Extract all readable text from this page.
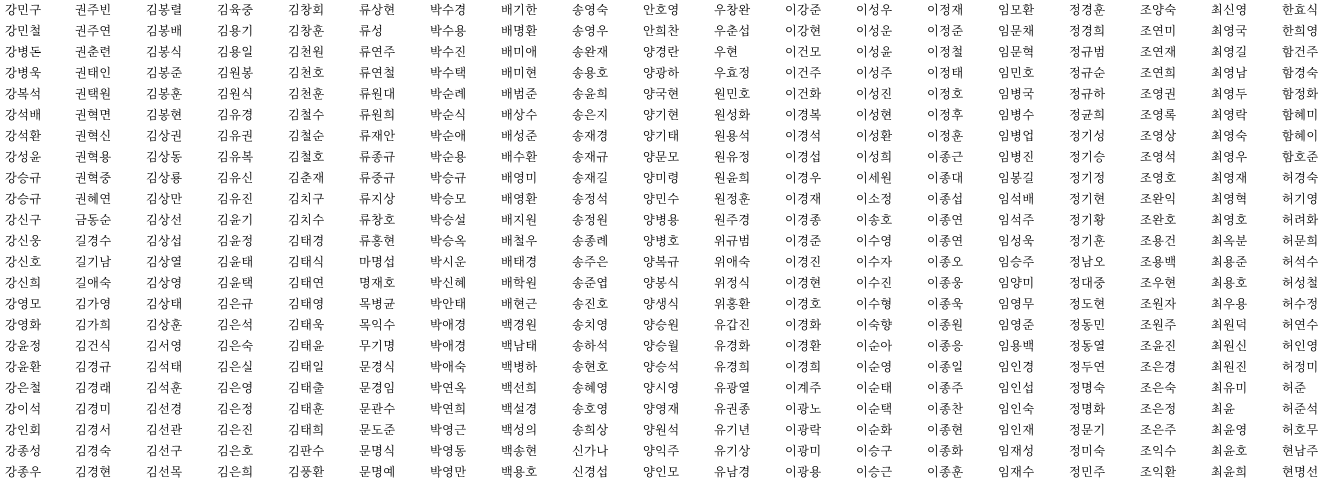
강민구	권주빈	김봉렬	김육중	김창회	류상현	박수경	배기한	송영숙	안호영	우창완	이강준	이성우	이정재	임모환	정경훈	조양숙	최신영	한효식
강민철	권주연	김봉배	김용기	김창훈	류성	박수용	배명환	송영우	안희찬	우춘섭	이강현	이성운	이정준	임문채	정경희	조연미	최영국	한희영
강병돈	권춘련	김봉식	김용일	김천원	류연주	박수진	배미애	송완재	양경란	우현	이건모	이성윤	이정철	임문혁	정규범	조연재	최영길	함건주
강병욱	권태인	김봉준	김원봉	김천호	류연철	박수택	배미현	송용호	양광하	우효정	이건주	이성주	이정태	임민호	정규순	조연희	최영남	함경숙
강복석	권택원	김봉훈	김원식	김천훈	류원대	박순례	배범준	송윤희	양국현	원민호	이건화	이성진	이정호	임병국	정규하	조영권	최영두	함정화
강석배	권혁면	김봉현	김유경	김철수	류원희	박순식	배상수	송은지	양기현	원성화	이경복	이성현	이정후	임병수	정균희	조영록	최영락	함혜미
강석환	권혁신	김상권	김유권	김철순	류재안	박순애	배성준	송재경	양기태	원용석	이경석	이성환	이정훈	임병업	정기성	조영상	최영숙	함혜이
강성윤	권혁용	김상동	김유복	김철호	류종규	박순용	배수환	송재규	양문모	원유정	이경섭	이성희	이종근	임병진	정기승	조영석	최영우	함호준
강승규	권혁중	김상룡	김유신	김춘재	류중규	박승규	배영미	송재길	양미령	원윤희	이경우	이세원	이종대	임봉길	정기정	조영호	최영재	허경숙
강승규	권혜연	김상만	김유진	김치구	류지상	박승모	배영환	송정석	양민수	원정훈	이경재	이소정	이종섭	임석배	정기현	조완익	최영혁	허기영
강신구	금동순	김상선	김윤기	김치수	류창호	박승설	배지원	송정원	양병용	원주경	이경종	이송호	이종연	임석주	정기황	조완호	최영호	허려화
강신웅	길경수	김상섭	김윤정	김태경	류홍현	박승옥	배철우	송종례	양병호	위규범	이경준	이수영	이종연	임성욱	정기훈	조용건	최옥분	허문희
강신호	길기남	김상열	김윤태	김태식	마명섭	박시운	배태경	송주은	양복규	위애숙	이경진	이수자	이종오	임승주	정남오	조용백	최용준	허석수
강신희	길애숙	김상영	김윤택	김태연	명재호	박신혜	배학원	송준엽	양봉식	위정식	이경현	이수진	이종웅	임양미	정대중	조우현	최용호	허성철
강영모	김가영	김상태	김은규	김태영	목병균	박안태	배현근	송진호	양생식	위홍환	이경호	이수형	이종욱	임영무	정도현	조원자	최우용	허수정
강영화	김가희	김상훈	김은석	김태욱	목익수	박애경	백경원	송치영	양승원	유갑진	이경화	이숙향	이종원	임영준	정동민	조원주	최원덕	허연수
강윤정	김건식	김서영	김은숙	김태윤	무기명	박애경	백남태	송하석	양승월	유경화	이경환	이순아	이종응	임용백	정동열	조윤진	최원신	허인영
강윤환	김경규	김석태	김은실	김태일	문경식	박애숙	백병하	송현호	양승석	유경희	이경희	이순영	이종일	임인경	정두연	조은경	최원진	허정미
강은철	김경래	김석훈	김은영	김태출	문경임	박연옥	백선희	송혜영	양시영	유광열	이계주	이순태	이종주	임인섭	정명숙	조은숙	최유미	허준
강이석	김경미	김선경	김은정	김태훈	문관수	박연희	백설경	송호영	양영재	유권종	이광노	이순택	이종찬	임인숙	정명화	조은정	최윤	허준석
강인회	김경서	김선관	김은진	김태희	문도준	박영근	백성의	송희상	양원석	유기년	이광락	이순화	이종현	임인재	정문기	조은주	최윤영	허호무
강종성	김경숙	김선구	김은호	김판수	문명식	박영동	백송현	신가나	양익주	유기상	이광미	이승구	이종화	임재성	정미숙	조익수	최윤호	현남주
강종우	김경현	김선목	김은희	김풍환	문명예	박영만	백용호	신경섭	양인모	유남경	이광용	이승근	이종훈	임재수	정민주	조익환	최윤희	현명선
